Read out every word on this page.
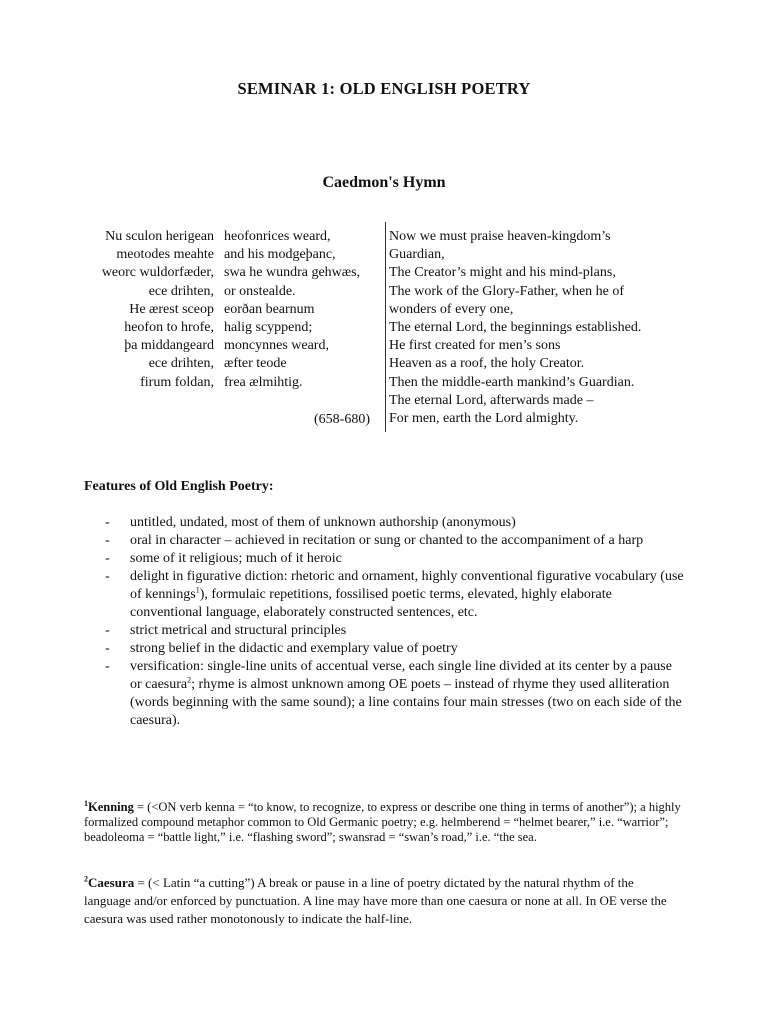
SEMINAR 1: OLD ENGLISH POETRY
Caedmon's Hymn
Nu sculon herigean heofonrices weard,
meotodes meahte and his modgeþanc,
weorc wuldorfæder, swa he wundra gehwæs,
ece drihten, or onstealde.
He ærest sceop eorðan bearnum
heofon to hrofe, halig scyppend;
þa middangeard moncynnes weard,
ece drihten, æfter teode
firum foldan, frea ælmihtig.
(658-680)
Now we must praise heaven-kingdom’s
Guardian,
The Creator’s might and his mind-plans,
The work of the Glory-Father, when he of
wonders of every one,
The eternal Lord, the beginnings established.
He first created for men’s sons
Heaven as a roof, the holy Creator.
Then the middle-earth mankind’s Guardian.
The eternal Lord, afterwards made –
For men, earth the Lord almighty.
Features of Old English Poetry:

- untitled, undated, most of them of unknown authorship (anonymous)

- oral in character – achieved in recitation or sung or chanted to the accompaniment of a harp

- some of it religious; much of it heroic

- delight in figurative diction: rhetoric and ornament, highly conventional figurative vocabulary (use of kennings$^1$), formulaic repetitions, fossilised poetic terms, elevated, highly elaborate conventional language, elaborately constructed sentences, etc.

- strict metrical and structural principles

- strong belief in the didactic and exemplary value of poetry

- versification: single-line units of accentual verse, each single line divided at its center by a pause or caesura$^2$; rhyme is almost unknown among OE poets – instead of rhyme they used alliteration (words beginning with the same sound); a line contains four main stresses (two on each side of the caesura).

$^1$Kenning = (<ON verb kenna = “to know, to recognize, to express or describe one thing in terms of another”); a highly formalized compound metaphor common to Old Germanic poetry; e.g. helmberend = “helmet bearer,” i.e. “warrior”; beadoleoma = “battle light,” i.e. “flashing sword”; swansrad = “swan’s road,” i.e. “the sea.
$^2$Caesura = (< Latin “a cutting”) A break or pause in a line of poetry dictated by the natural rhythm of the language and/or enforced by punctuation. A line may have more than one caesura or none at all. In OE verse the caesura was used rather monotonously to indicate the half-line.
